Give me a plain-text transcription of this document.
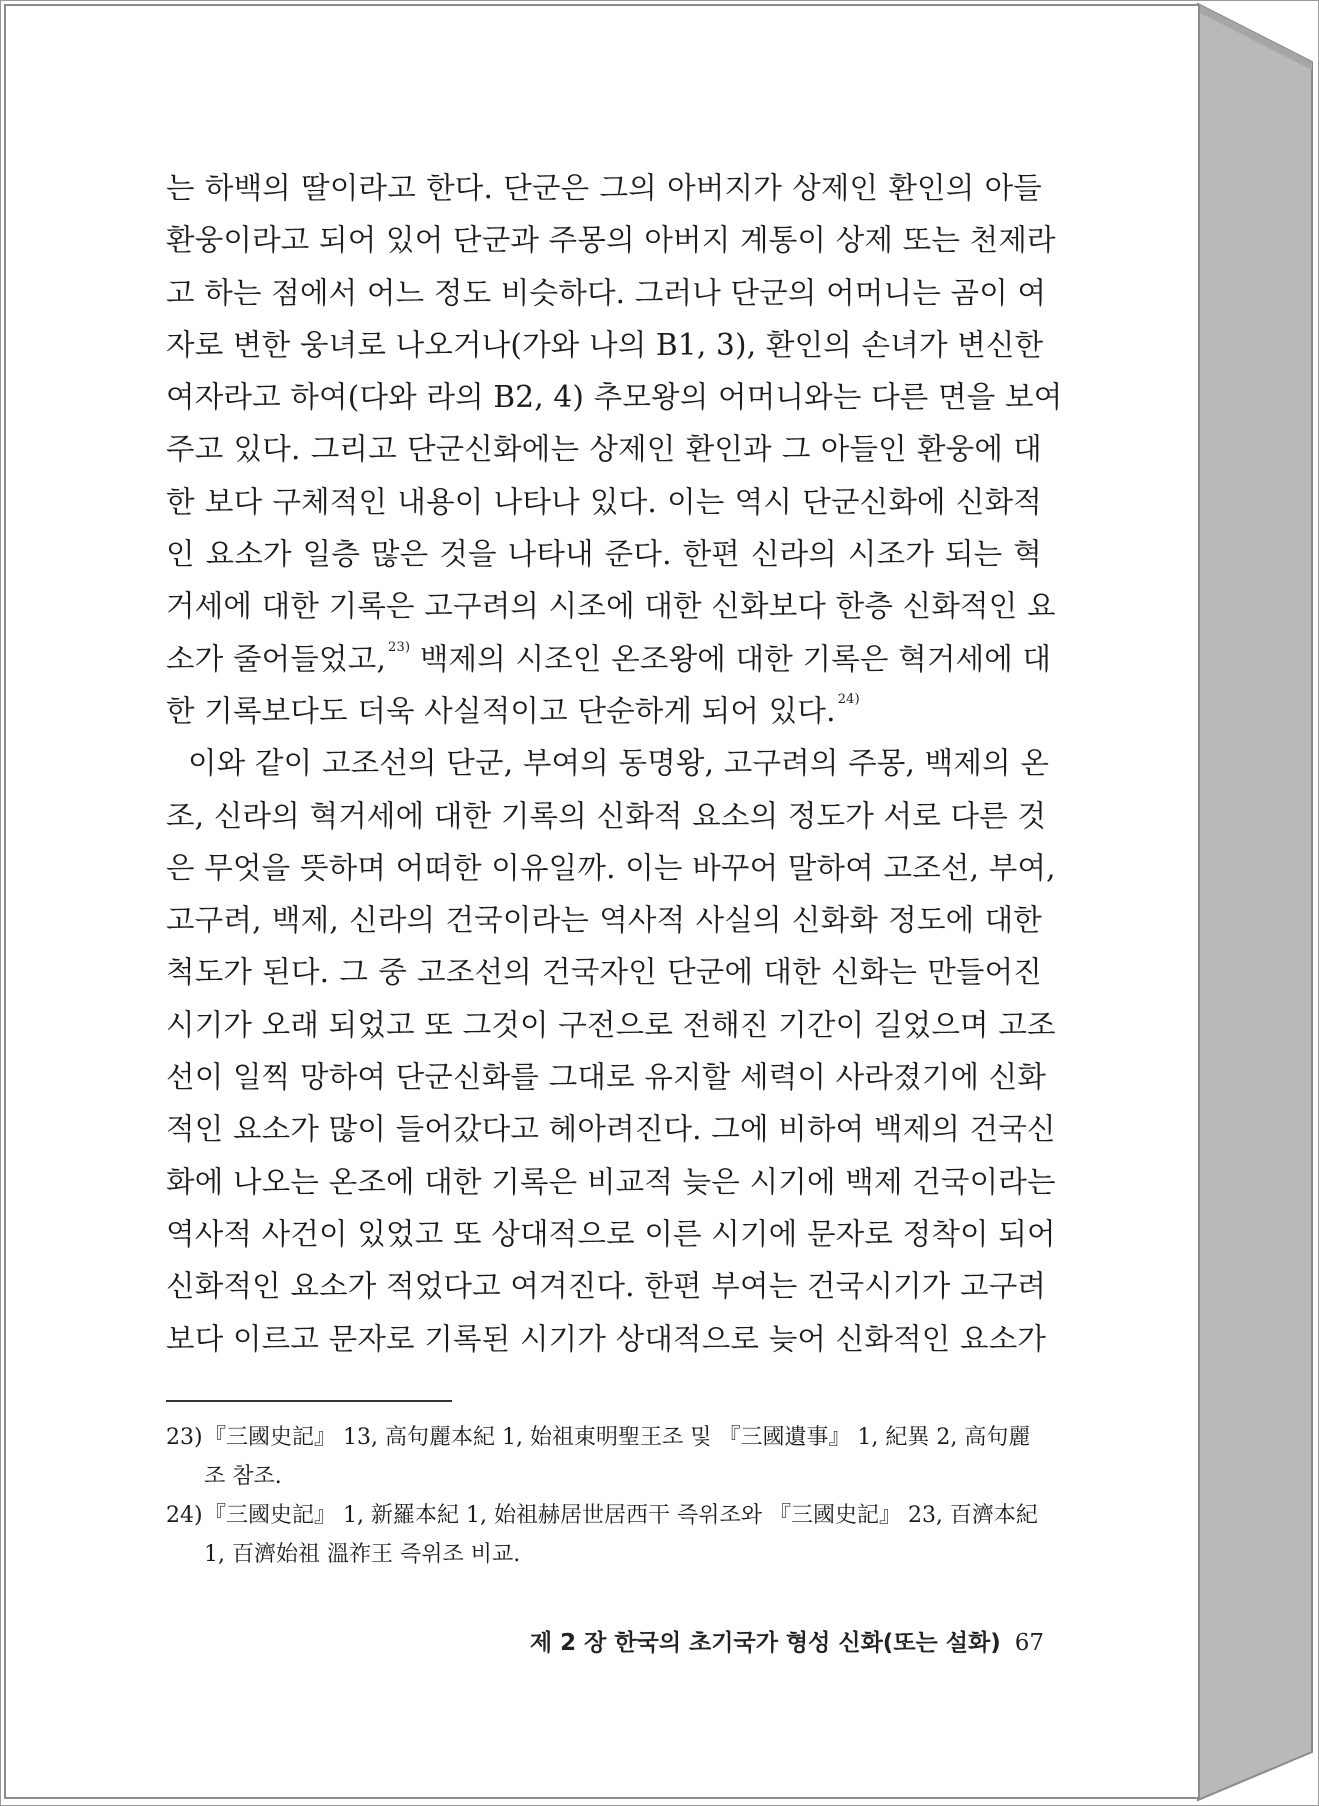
는 하백의 딸이라고 한다. 단군은 그의 아버지가 상제인 환인의 아들
환웅이라고 되어 있어 단군과 주몽의 아버지 계통이 상제 또는 천제라
고 하는 점에서 어느 정도 비슷하다. 그러나 단군의 어머니는 곰이 여
자로 변한 웅녀로 나오거나(가와 나의 B1, 3), 환인의 손녀가 변신한
여자라고 하여(다와 라의 B2, 4) 추모왕의 어머니와는 다른 면을 보여
주고 있다. 그리고 단군신화에는 상제인 환인과 그 아들인 환웅에 대
한 보다 구체적인 내용이 나타나 있다. 이는 역시 단군신화에 신화적
인 요소가 일층 많은 것을 나타내 준다. 한편 신라의 시조가 되는 혁
거세에 대한 기록은 고구려의 시조에 대한 신화보다 한층 신화적인 요
소가 줄어들었고, $^{23)}$ 백제의 시조인 온조왕에 대한 기록은 혁거세에 대
한 기록보다도 더욱 사실적이고 단순하게 되어 있다. $^{24)}$
이와 같이 고조선의 단군, 부여의 동명왕, 고구려의 주몽, 백제의 온
조, 신라의 혁거세에 대한 기록의 신화적 요소의 정도가 서로 다른 것
은 무엇을 뜻하며 어떠한 이유일까. 이는 바꾸어 말하여 고조선, 부여,
고구려, 백제, 신라의 건국이라는 역사적 사실의 신화화 정도에 대한
척도가 된다. 그 중 고조선의 건국자인 단군에 대한 신화는 만들어진
시기가 오래 되었고 또 그것이 구전으로 전해진 기간이 길었으며 고조
선이 일찍 망하여 단군신화를 그대로 유지할 세력이 사라졌기에 신화
적인 요소가 많이 들어갔다고 헤아려진다. 그에 비하여 백제의 건국신
화에 나오는 온조에 대한 기록은 비교적 늦은 시기에 백제 건국이라는
역사적 사건이 있었고 또 상대적으로 이른 시기에 문자로 정착이 되어
신화적인 요소가 적었다고 여겨진다. 한편 부여는 건국시기가 고구려
보다 이르고 문자로 기록된 시기가 상대적으로 늦어 신화적인 요소가
23) 『三國史記』 13, 高句麗本紀 1, 始祖東明聖王조 및 『三國遺事』 1, 紀異 2, 高句麗
조 참조.
24) 『三國史記』 1, 新羅本紀 1, 始祖赫居世居西干 즉위조와 『三國史記』 23, 百濟本紀
1, 百濟始祖 溫祚王 즉위조 비교.
제 2 장 한국의 초기국가 형성 신화(또는 설화) 67
